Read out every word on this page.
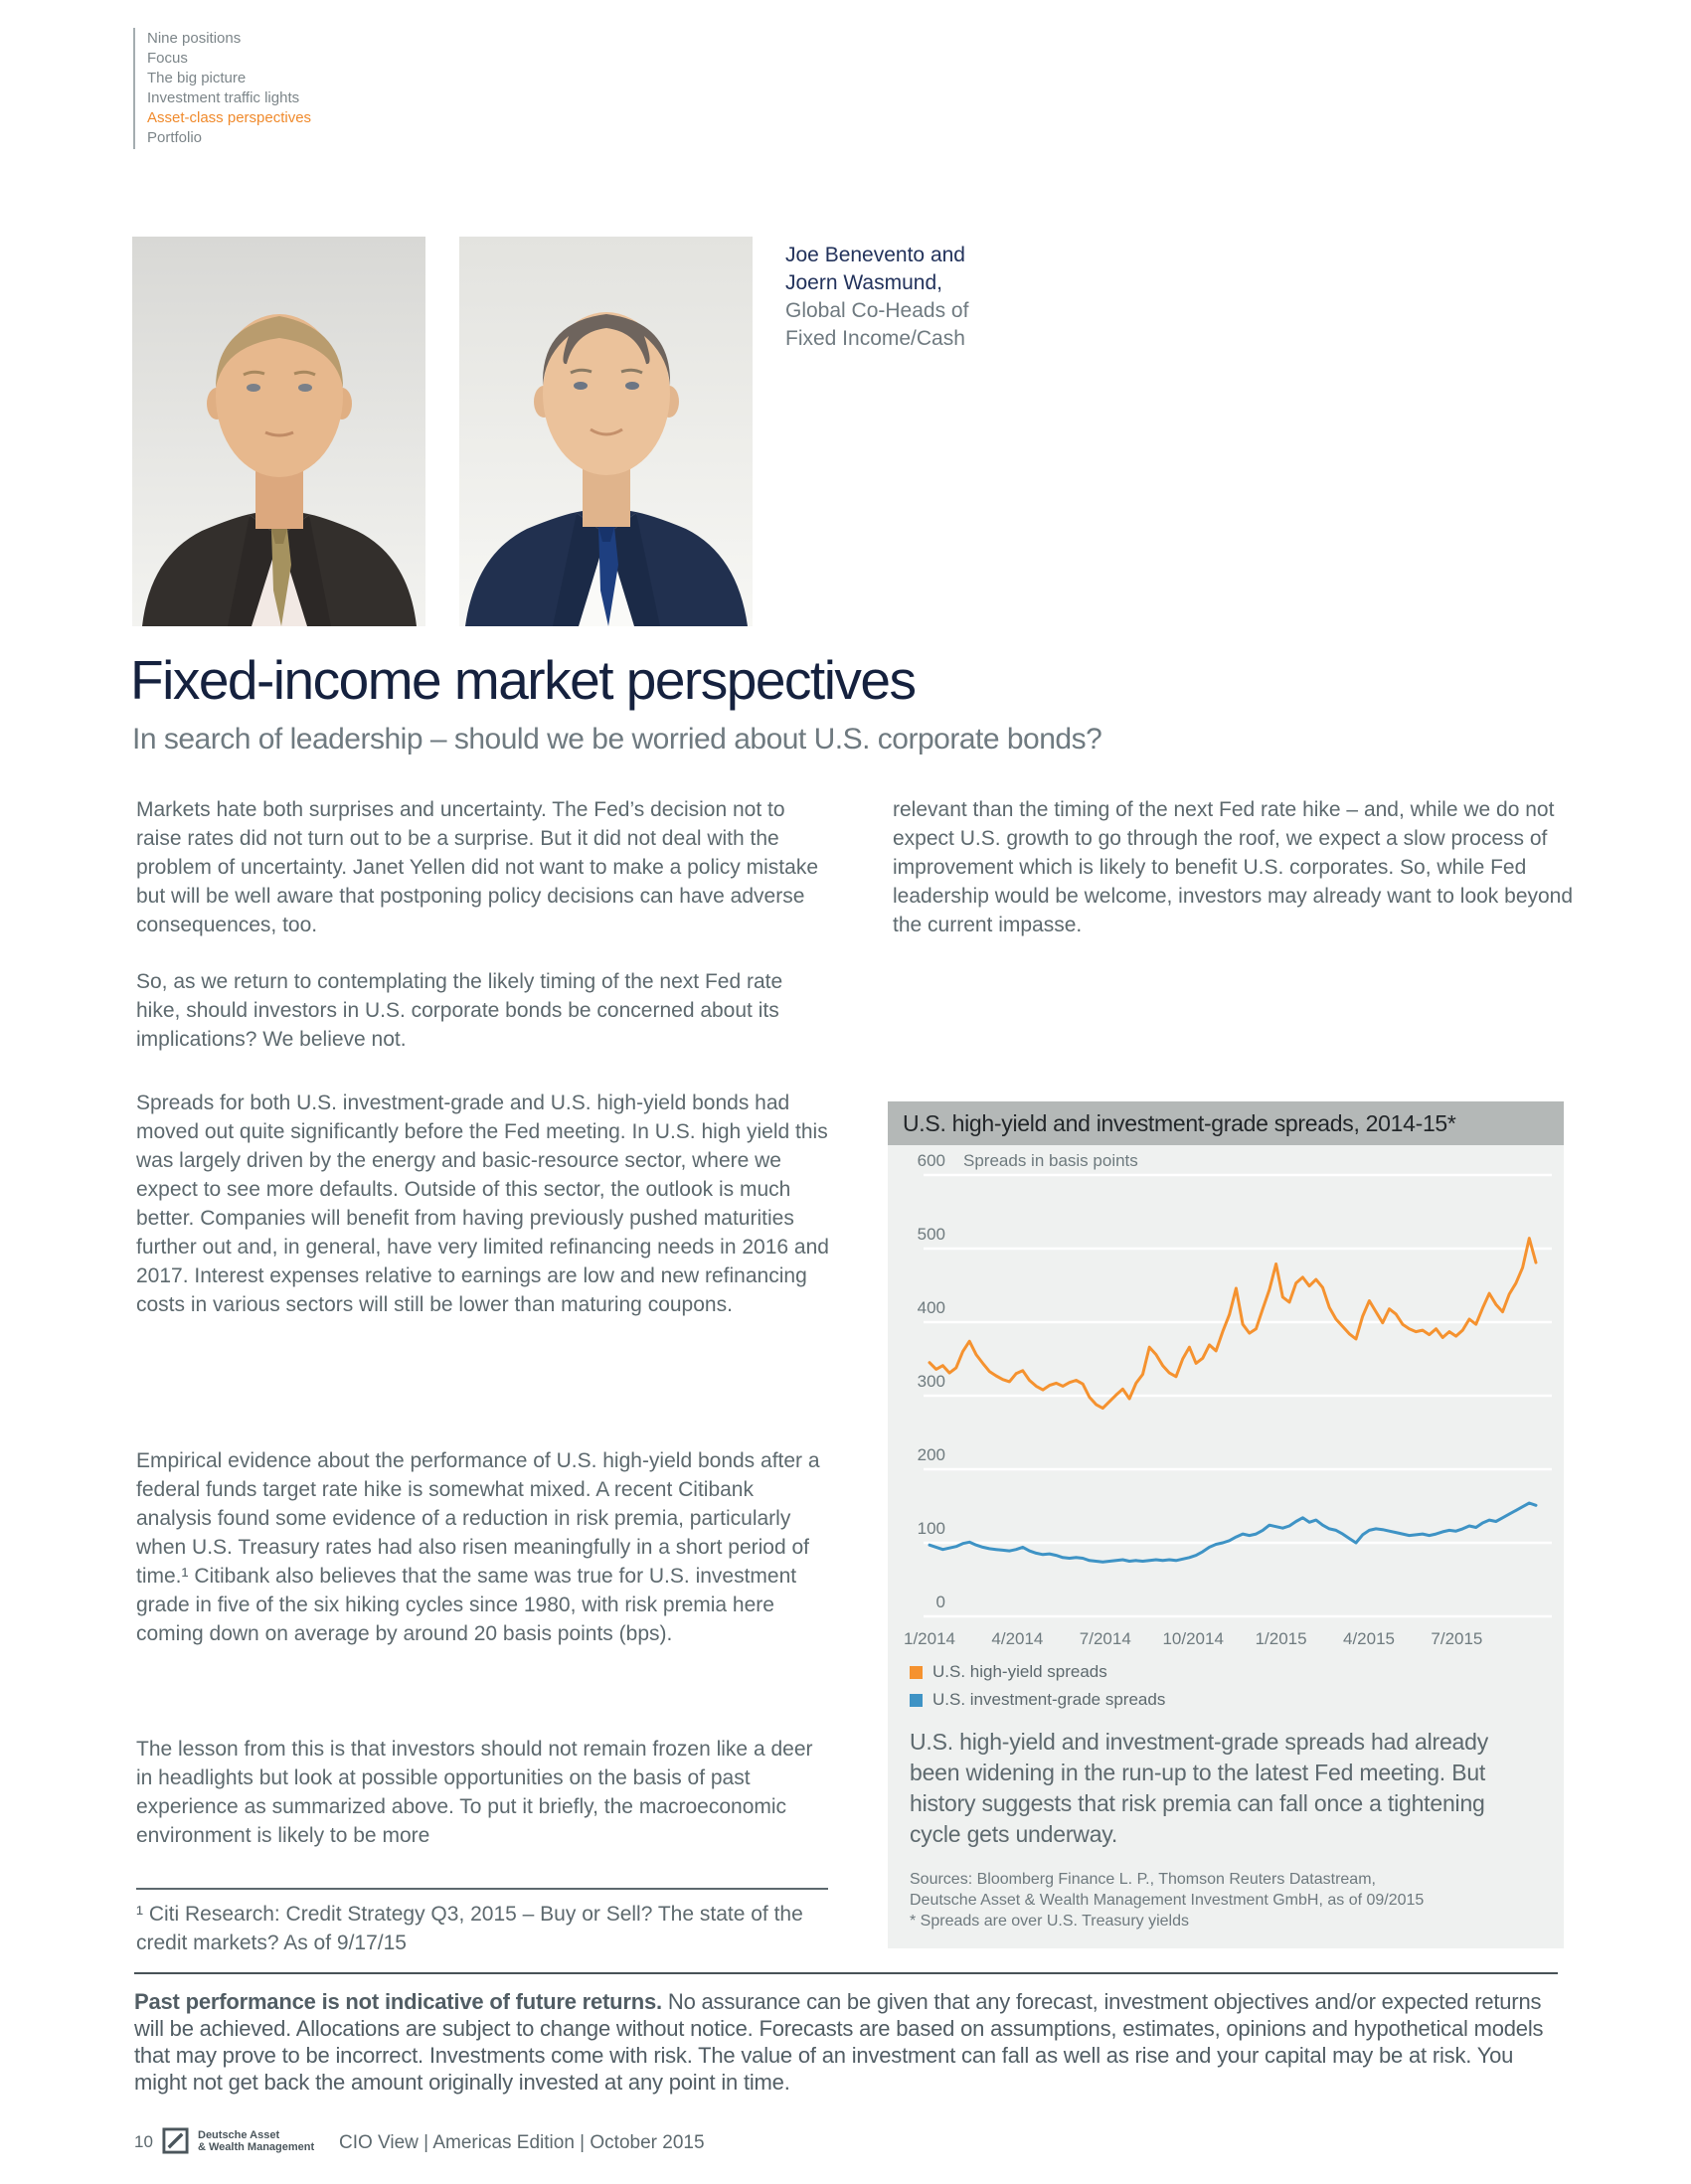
Nine positions
Focus
The big picture
Investment traffic lights
Asset-class perspectives
Portfolio
Joe Benevento and
Joern Wasmund,
Global Co-Heads of
Fixed Income/Cash
Fixed-income market perspectives
In search of leadership – should we be worried about U.S. corporate bonds?

Markets hate both surprises and uncertainty. The Fed’s decision not to raise rates did not turn out to be a surprise. But it did not deal with the problem of uncertainty. Janet Yellen did not want to make a policy mistake but will be well aware that postponing policy decisions can have adverse consequences, too.

So, as we return to contemplating the likely timing of the next Fed rate hike, should investors in U.S. corporate bonds be concerned about its implications? We believe not.

Spreads for both U.S. investment-grade and U.S. high-yield bonds had moved out quite significantly before the Fed meeting. In U.S. high yield this was largely driven by the energy and basic-resource sector, where we expect to see more defaults. Outside of this sector, the outlook is much better. Companies will benefit from having previously pushed maturities further out and, in general, have very limited refinancing needs in 2016 and 2017. Interest expenses relative to earnings are low and new refinancing costs in various sectors will still be lower than maturing coupons.

Empirical evidence about the performance of U.S. high-yield bonds after a federal funds target rate hike is somewhat mixed. A recent Citibank analysis found some evidence of a reduction in risk premia, particularly when U.S. Treasury rates had also risen meaningfully in a short period of time.¹ Citibank also believes that the same was true for U.S. investment grade in five of the six hiking cycles since 1980, with risk premia here coming down on average by around 20 basis points (bps).

The lesson from this is that investors should not remain frozen like a deer in headlights but look at possible opportunities on the basis of past experience as summarized above. To put it briefly, the macroeconomic environment is likely to be more

relevant than the timing of the next Fed rate hike – and, while we do not expect U.S. growth to go through the roof, we expect a slow process of improvement which is likely to benefit U.S. corporates. So, while Fed leadership would be welcome, investors may already want to look beyond the current impasse.

U.S. high-yield and investment-grade spreads, 2014-15*
600
500
400
300
200
100
0
Spreads in basis points
1/2014 4/2014 7/2014 10/2014 1/2015 4/2015 7/2015
U.S. high-yield spreads
U.S. investment-grade spreads
U.S. high-yield and investment-grade spreads had already been widening in the run-up to the latest Fed meeting. But history suggests that risk premia can fall once a tightening cycle gets underway.
Sources: Bloomberg Finance L. P., Thomson Reuters Datastream,
Deutsche Asset & Wealth Management Investment GmbH, as of 09/2015
* Spreads are over U.S. Treasury yields
¹ Citi Research: Credit Strategy Q3, 2015 – Buy or Sell? The state of the credit markets? As of 9/17/15

Past performance is not indicative of future returns. No assurance can be given that any forecast, investment objectives and/or expected returns will be achieved. Allocations are subject to change without notice. Forecasts are based on assumptions, estimates, opinions and hypothetical models that may prove to be incorrect. Investments come with risk. The value of an investment can fall as well as rise and your capital may be at risk. You might not get back the amount originally invested at any point in time.

10	Deutsche Asset
& Wealth Management CIO View | Americas Edition | October 2015
